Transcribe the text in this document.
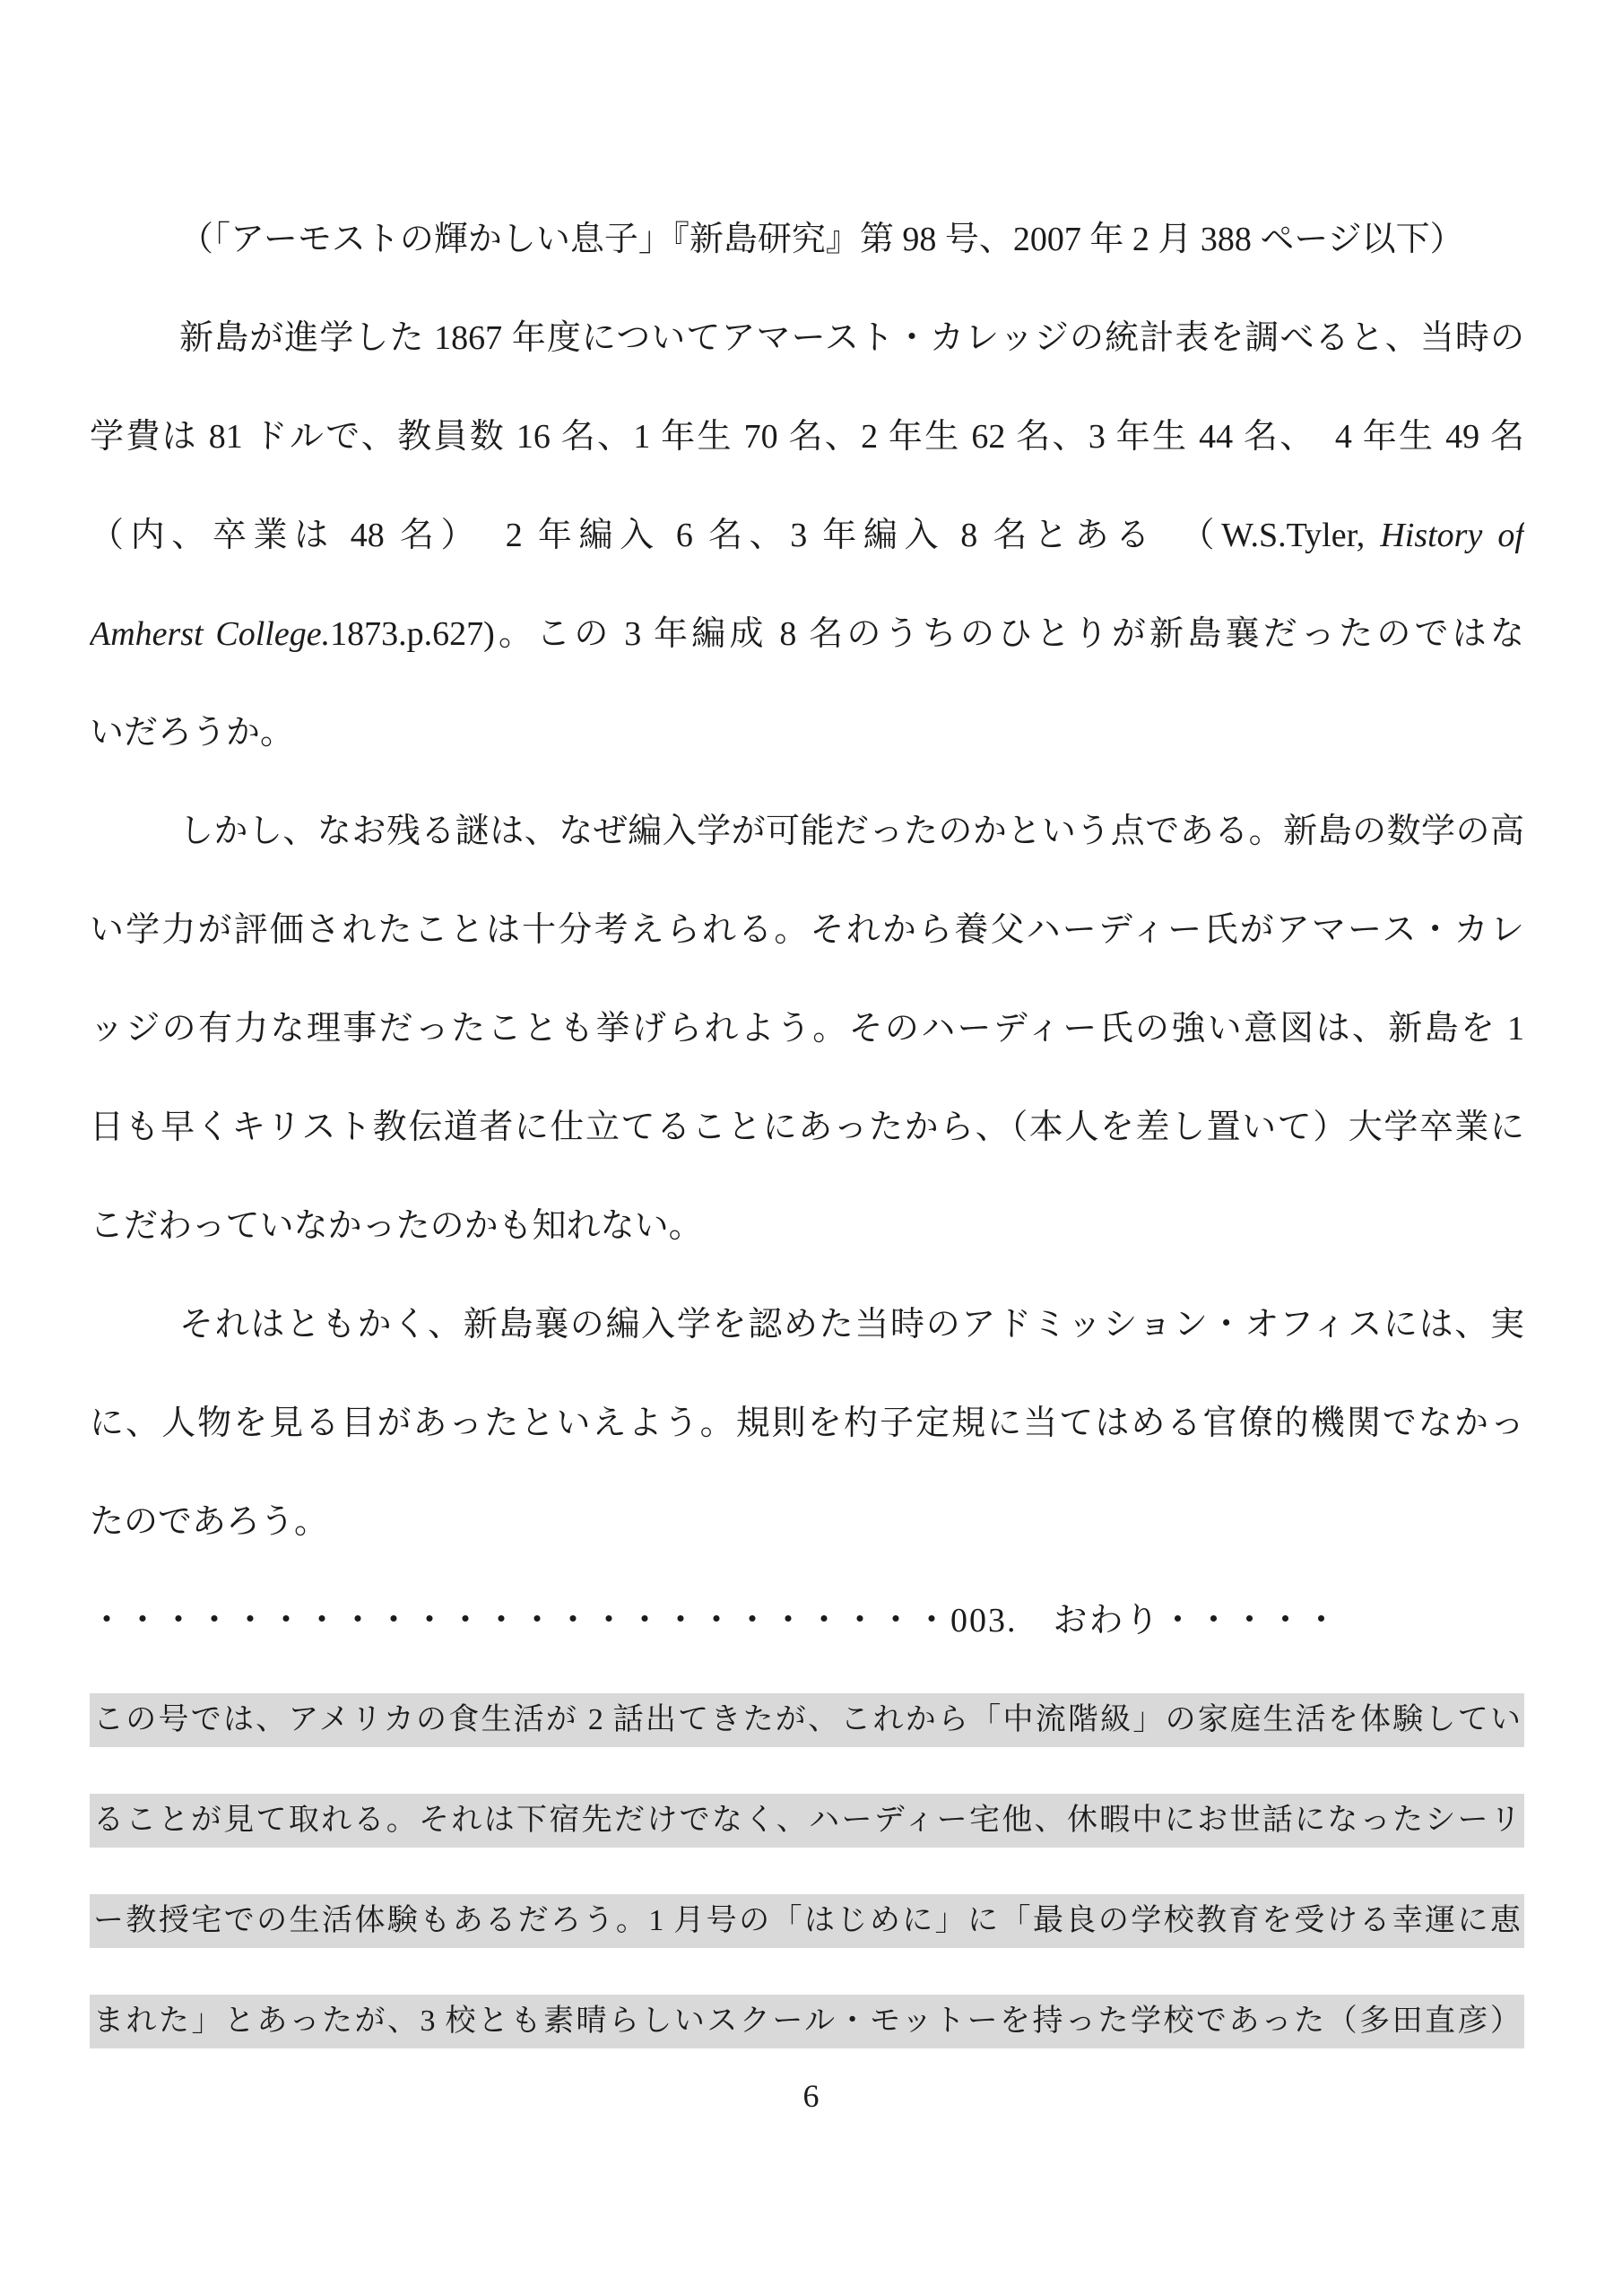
（「アーモストの輝かしい息子」『新島研究』第 98 号、2007 年 2 月 388 ページ以下）
新島が進学した 1867 年度についてアマースト・カレッジの統計表を調べると、当時の
学費は 81 ドルで、教員数 16 名、1 年生 70 名、2 年生 62 名、3 年生 44 名、　4 年生 49 名
（内、卒業は 48 名）　2 年編入 6 名、3 年編入 8 名とある　（W.S.Tyler, History of
Amherst College.1873.p.627)。この 3 年編成 8 名のうちのひとりが新島襄だったのではな
いだろうか。
しかし、なお残る謎は、なぜ編入学が可能だったのかという点である。新島の数学の高
い学力が評価されたことは十分考えられる。それから養父ハーディー氏がアマース・カレ
ッジの有力な理事だったことも挙げられよう。そのハーディー氏の強い意図は、新島を 1
日も早くキリスト教伝道者に仕立てることにあったから、（本人を差し置いて）大学卒業に
こだわっていなかったのかも知れない。
それはともかく、新島襄の編入学を認めた当時のアドミッション・オフィスには、実
に、人物を見る目があったといえよう。規則を杓子定規に当てはめる官僚的機関でなかっ
たのであろう。
・・・・・・・・・・・・・・・・・・・・・・・・003.　おわり・・・・・
この号では、アメリカの食生活が 2 話出てきたが、これから「中流階級」の家庭生活を体験してい
ることが見て取れる。それは下宿先だけでなく、ハーディー宅他、休暇中にお世話になったシーリ
ー教授宅での生活体験もあるだろう。1 月号の「はじめに」に「最良の学校教育を受ける幸運に恵
まれた」とあったが、3 校とも素晴らしいスクール・モットーを持った学校であった（多田直彦）
6
